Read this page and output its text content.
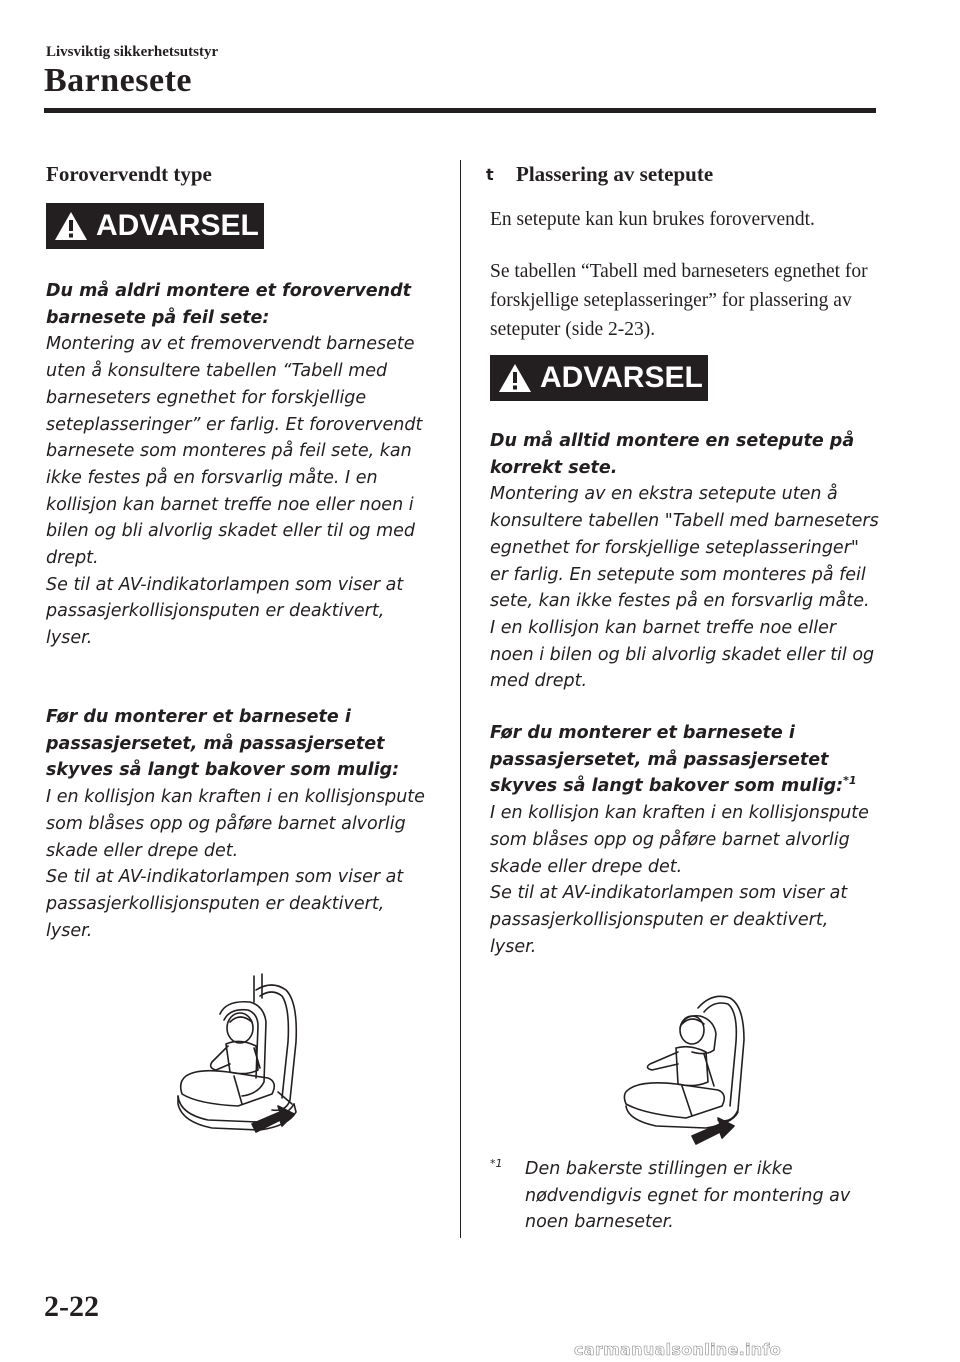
Livsviktig sikkerhetsutstyr
Barnesete
Forovervendt type
ADVARSEL
Du må aldri montere et forovervendt barnesete på feil sete:
Montering av et fremovervendt barnesete uten å konsultere tabellen “Tabell med barneseters egnethet for forskjellige seteplasseringer” er farlig. Et forovervendt barnesete som monteres på feil sete, kan ikke festes på en forsvarlig måte. I en kollisjon kan barnet treffe noe eller noen i bilen og bli alvorlig skadet eller til og med drept.
Se til at AV-indikatorlampen som viser at passasjerkollisjonsputen er deaktivert, lyser.
Før du monterer et barnesete i passasjersetet, må passasjersetet skyves så langt bakover som mulig:
I en kollisjon kan kraften i en kollisjonspute som blåses opp og påføre barnet alvorlig skade eller drepe det.
Se til at AV-indikatorlampen som viser at passasjerkollisjonsputen er deaktivert, lyser.
t Plassering av setepute
En setepute kan kun brukes forovervendt.
Se tabellen “Tabell med barneseters egnethet for forskjellige seteplasseringer” for plassering av seteputer (side 2-23).
ADVARSEL
Du må alltid montere en setepute på korrekt sete.
Montering av en ekstra setepute uten å konsultere tabellen "Tabell med barneseters egnethet for forskjellige seteplasseringer" er farlig. En setepute som monteres på feil sete, kan ikke festes på en forsvarlig måte. I en kollisjon kan barnet treffe noe eller noen i bilen og bli alvorlig skadet eller til og med drept.
Før du monterer et barnesete i passasjersetet, må passasjersetet skyves så langt bakover som mulig:$^{*1}$
I en kollisjon kan kraften i en kollisjonspute som blåses opp og påføre barnet alvorlig skade eller drepe det.
Se til at AV-indikatorlampen som viser at passasjerkollisjonsputen er deaktivert, lyser.
$^{*1}$ Den bakerste stillingen er ikke nødvendigvis egnet for montering av noen barneseter.
2-22
carmanualsonline.info
